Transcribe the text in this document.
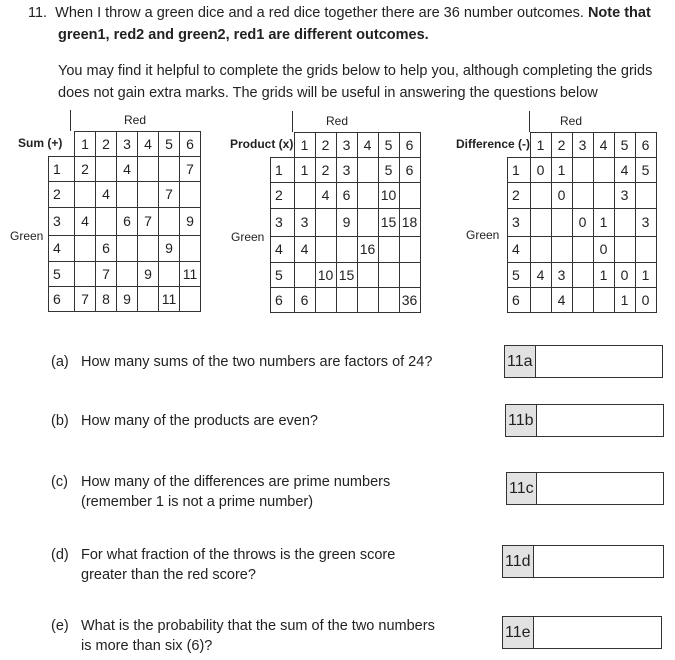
11. When I throw a green dice and a red dice together there are 36 number outcomes. Note that
green1, red2 and green2, red1 are different outcomes.
You may find it helpful to complete the grids below to help you, although completing the grids
does not gain extra marks. The grids will be useful in answering the questions below
Red
Green
Sum (+)
	1	2	3	4	5	6
1	2		4			7
2		4			7	
3	4		6	7		9
4		6			9	
5		7		9		11
6	7	8	9		11	
Red
Green
Product (x)
	1	2	3	4	5	6
1	1	2	3		5	6
2		4	6		10	
3	3		9		15	18
4	4			16		
5		10	15			
6	6					36
Red
Green
Difference (-)
	1	2	3	4	5	6
1	0	1			4	5
2		0			3	
3			0	1		3
4				0		
5	4	3		1	0	1
6		4			1	0
(a) How many sums of the two numbers are factors of 24?	11a
(b) How many of the products are even?	11b
(c) How many of the differences are prime numbers
(remember 1 is not a prime number)
11c
(d) For what fraction of the throws is the green score
greater than the red score?
11d
(e) What is the probability that the sum of the two numbers
is more than six (6)?
11e
